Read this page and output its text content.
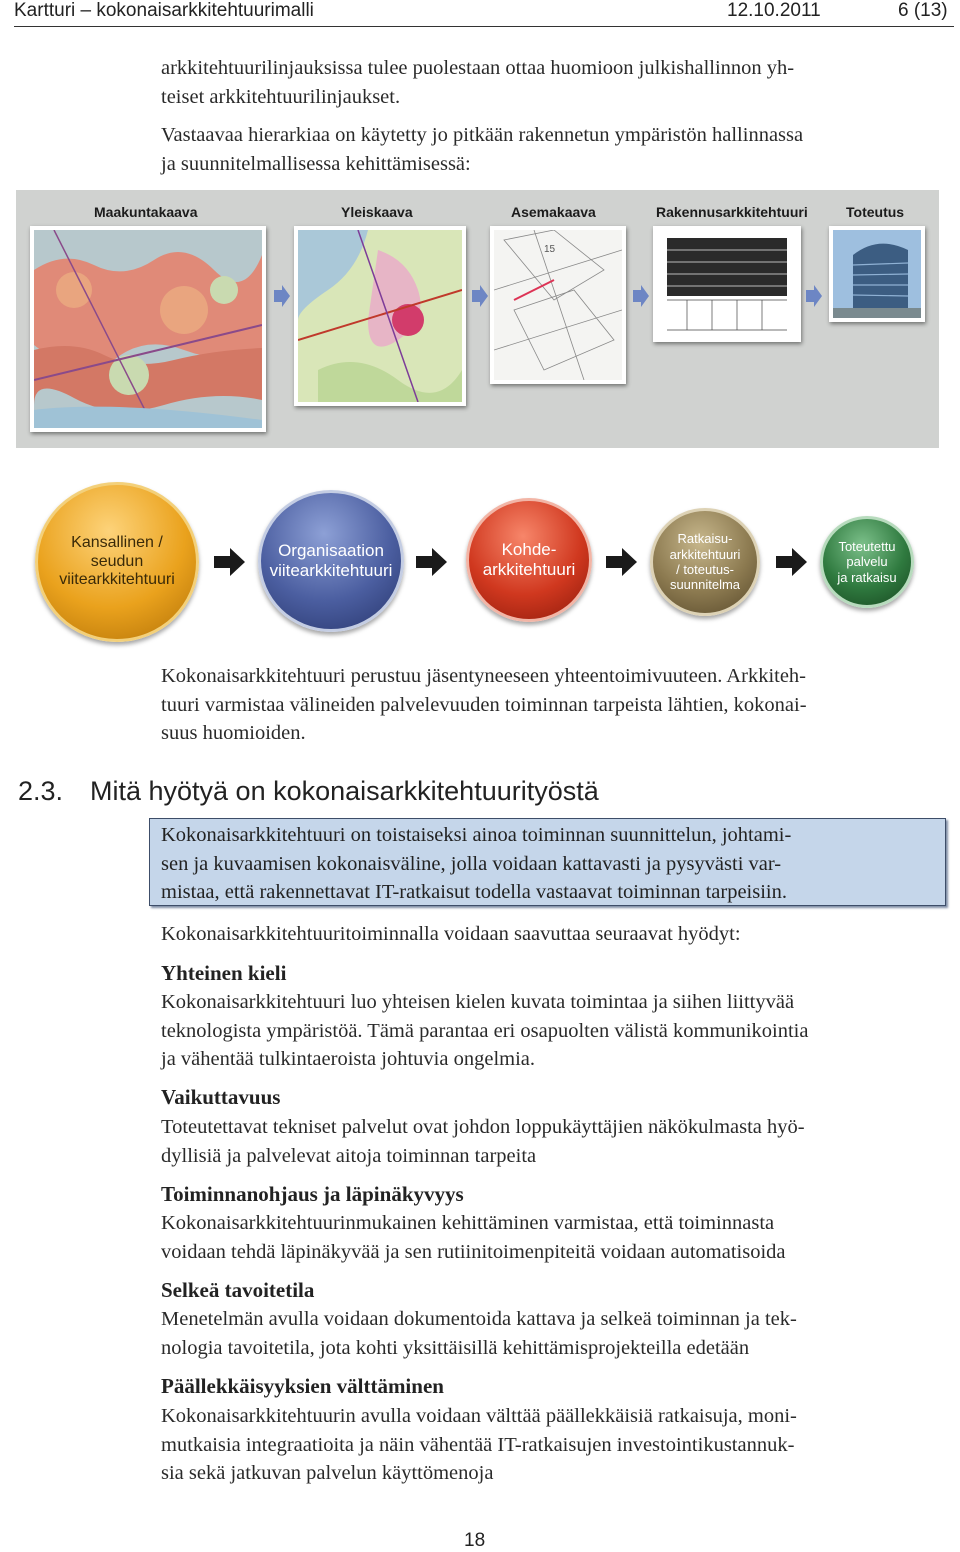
Kartturi – kokonaisarkkitehtuurimalli	12.10.2011	6 (13)

arkkitehtuurilinjauksissa tulee puolestaan ottaa huomioon julkishallinnon yh-

teiset arkkitehtuurilinjaukset.

Vastaavaa hierarkiaa on käytetty jo pitkään rakennetun ympäristön hallinnassa

ja suunnitelmallisessa kehittämisessä:

Maakuntakaava	Yleiskaava	Asemakaava	Rakennusarkkitehtuuri	Toteutus
15
Kansallinen /
seudun
viitearkkitehtuuri
Organisaation
viitearkkitehtuuri
Kohde-
arkkitehtuuri
Ratkaisu-
arkkitehtuuri
/ toteutus-
suunnitelma
Toteutettu
palvelu
ja ratkaisu

Kokonaisarkkitehtuuri perustuu jäsentyneeseen yhteentoimivuuteen. Arkkiteh-

tuuri varmistaa välineiden palvelevuuden toiminnan tarpeista lähtien, kokonai-

suus huomioiden.

2.3. Mitä hyötyä on kokonaisarkkitehtuurityöstä

Kokonaisarkkitehtuuri on toistaiseksi ainoa toiminnan suunnittelun, johtami-
sen ja kuvaamisen kokonaisväline, jolla voidaan kattavasti ja pysyvästi var-
mistaa, että rakennettavat IT-ratkaisut todella vastaavat toiminnan tarpeisiin.

Kokonaisarkkitehtuuritoiminnalla voidaan saavuttaa seuraavat hyödyt:

Yhteinen kieli

Kokonaisarkkitehtuuri luo yhteisen kielen kuvata toimintaa ja siihen liittyvää

teknologista ympäristöä. Tämä parantaa eri osapuolten välistä kommunikointia

ja vähentää tulkintaeroista johtuvia ongelmia.

Vaikuttavuus

Toteutettavat tekniset palvelut ovat johdon loppukäyttäjien näkökulmasta hyö-

dyllisiä ja palvelevat aitoja toiminnan tarpeita

Toiminnanohjaus ja läpinäkyvyys

Kokonaisarkkitehtuurinmukainen kehittäminen varmistaa, että toiminnasta

voidaan tehdä läpinäkyvää ja sen rutiinitoimenpiteitä voidaan automatisoida

Selkeä tavoitetila

Menetelmän avulla voidaan dokumentoida kattava ja selkeä toiminnan ja tek-

nologia tavoitetila, jota kohti yksittäisillä kehittämisprojekteilla edetään

Päällekkäisyyksien välttäminen

Kokonaisarkkitehtuurin avulla voidaan välttää päällekkäisiä ratkaisuja, moni-

mutkaisia integraatioita ja näin vähentää IT-ratkaisujen investointikustannuk-

sia sekä jatkuvan palvelun käyttömenoja

18
